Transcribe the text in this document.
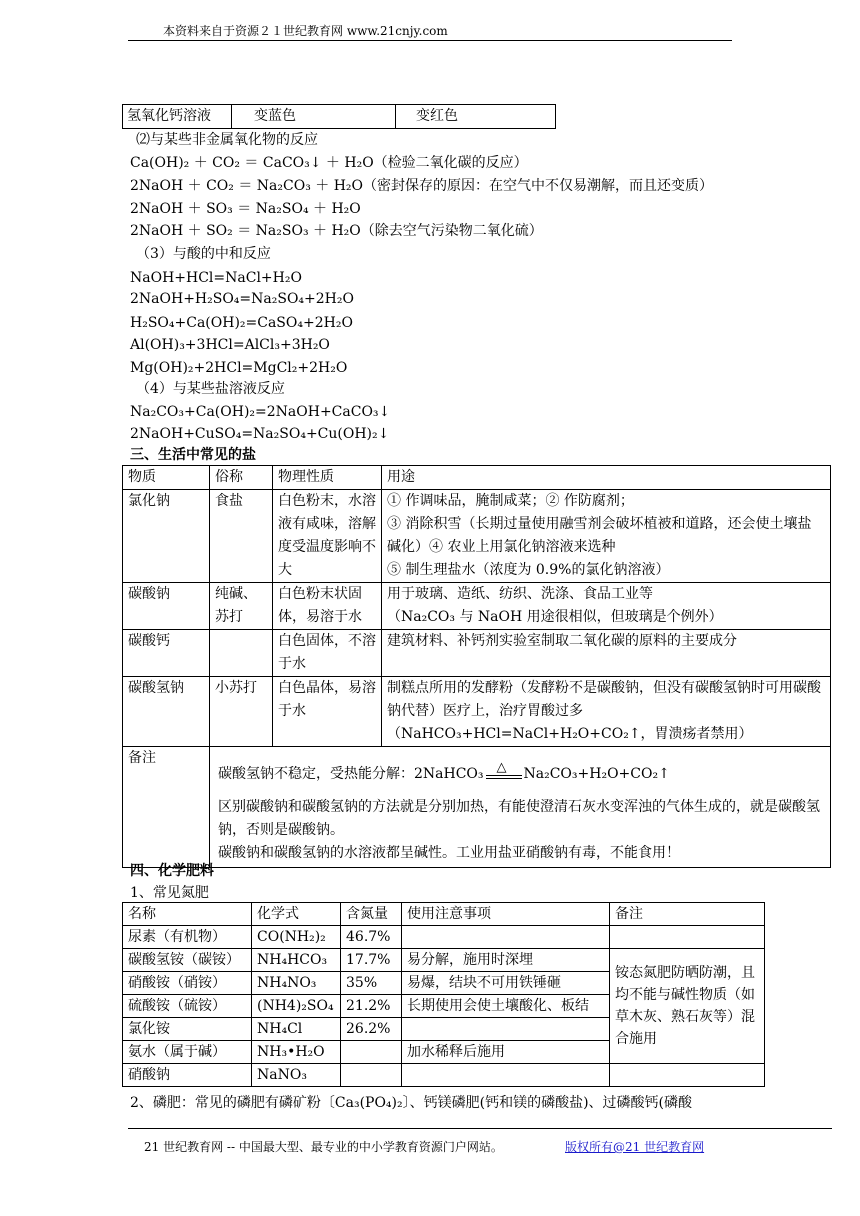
本资料来自于资源２１世纪教育网 www.21cnjy.com
氢氧化钙溶液	变蓝色	变红色
⑵与某些非金属氧化物的反应
Ca(OH)₂ ＋ CO₂ ＝ CaCO₃↓ ＋ H₂O（检验二氧化碳的反应）
2NaOH ＋ CO₂ ＝ Na₂CO₃ ＋ H₂O（密封保存的原因：在空气中不仅易潮解，而且还变质）
2NaOH ＋ SO₃ ＝ Na₂SO₄ ＋ H₂O
2NaOH ＋ SO₂ ＝ Na₂SO₃ ＋ H₂O（除去空气污染物二氧化硫）
（3）与酸的中和反应
NaOH+HCl=NaCl+H₂O
2NaOH+H₂SO₄=Na₂SO₄+2H₂O
H₂SO₄+Ca(OH)₂=CaSO₄+2H₂O
Al(OH)₃+3HCl=AlCl₃+3H₂O
Mg(OH)₂+2HCl=MgCl₂+2H₂O
（4）与某些盐溶液反应
Na₂CO₃+Ca(OH)₂=2NaOH+CaCO₃↓
2NaOH+CuSO₄=Na₂SO₄+Cu(OH)₂↓
三、生活中常见的盐
物质	俗称	物理性质	用途
氯化钠	食盐	白色粉末，水溶液有咸味，溶解度受温度影响不大	① 作调味品，腌制咸菜；② 作防腐剂；
③ 消除积雪（长期过量使用融雪剂会破坏植被和道路，还会使土壤盐碱化）④ 农业上用氯化钠溶液来选种
⑤ 制生理盐水（浓度为 0.9%的氯化钠溶液）

碳酸钠	纯碱、苏打	白色粉末状固体，易溶于水	用于玻璃、造纸、纺织、洗涤、食品工业等
（Na₂CO₃ 与 NaOH 用途很相似，但玻璃是个例外）

碳酸钙		白色固体，不溶于水	建筑材料、补钙剂实验室制取二氧化碳的原料的主要成分

碳酸氢钠	小苏打	白色晶体，易溶于水	制糕点所用的发酵粉（发酵粉不是碳酸钠，但没有碳酸氢钠时可用碳酸钠代替）医疗上，治疗胃酸过多
（NaHCO₃+HCl=NaCl+H₂O+CO₂↑，胃溃疡者禁用）

备注	碳酸氢钠不稳定，受热能分解：2NaHCO₃ △ Na₂CO₃+H₂O+CO₂↑

区别碳酸钠和碳酸氢钠的方法就是分别加热，有能使澄清石灰水变浑浊的气体生成的，就是碳酸氢钠，否则是碳酸钠。

碳酸钠和碳酸氢钠的水溶液都呈碱性。工业用盐亚硝酸钠有毒，不能食用！		

四、化学肥料
1、常见氮肥
名称	化学式	含氮量	使用注意事项	备注
尿素（有机物）	CO(NH₂)₂	46.7%		
碳酸氢铵（碳铵）	NH₄HCO₃	17.7%	易分解，施用时深埋	铵态氮肥防晒防潮，且均不能与碱性物质（如草木灰、熟石灰等）混合施用
硝酸铵（硝铵）	NH₄NO₃	35%	易爆，结块不可用铁锤砸	
硫酸铵（硫铵）	(NH4)₂SO₄	21.2%	长期使用会使土壤酸化、板结	
氯化铵	NH₄Cl	26.2%		
氨水（属于碱）	NH₃•H₂O		加水稀释后施用	
硝酸钠	NaNO₃			
2、磷肥：常见的磷肥有磷矿粉〔Ca₃(PO₄)₂〕、钙镁磷肥(钙和镁的磷酸盐)、过磷酸钙(磷酸
21 世纪教育网 -- 中国最大型、最专业的中小学教育资源门户网站。	版权所有@21 世纪教育网
